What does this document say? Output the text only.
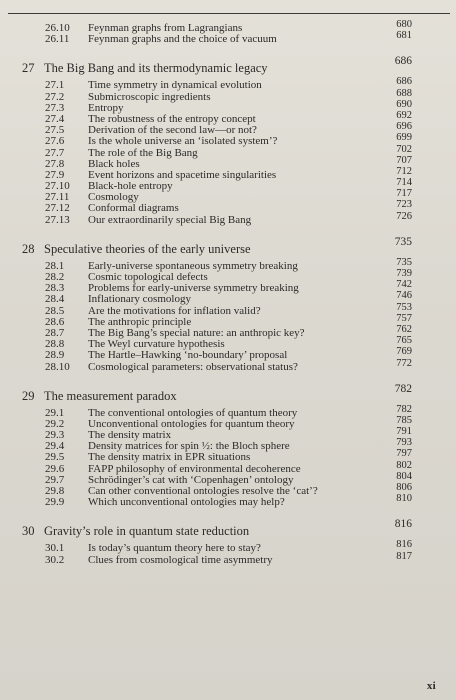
26.10 Feynman graphs from Lagrangians	680
26.11 Feynman graphs and the choice of vacuum	681
27 The Big Bang and its thermodynamic legacy	686
27.1 Time symmetry in dynamical evolution	686
27.2 Submicroscopic ingredients	688
27.3 Entropy	690
27.4 The robustness of the entropy concept	692
27.5 Derivation of the second law—or not?	696
27.6 Is the whole universe an ‘isolated system’?	699
27.7 The role of the Big Bang	702
27.8 Black holes	707
27.9 Event horizons and spacetime singularities	712
27.10 Black-hole entropy	714
27.11 Cosmology	717
27.12 Conformal diagrams	723
27.13 Our extraordinarily special Big Bang	726
28 Speculative theories of the early universe	735
28.1 Early-universe spontaneous symmetry breaking	735
28.2 Cosmic topological defects	739
28.3 Problems for early-universe symmetry breaking	742
28.4 Inflationary cosmology	746
28.5 Are the motivations for inflation valid?	753
28.6 The anthropic principle	757
28.7 The Big Bang’s special nature: an anthropic key?	762
28.8 The Weyl curvature hypothesis	765
28.9 The Hartle–Hawking ‘no-boundary’ proposal	769
28.10 Cosmological parameters: observational status?	772
29 The measurement paradox	782
29.1 The conventional ontologies of quantum theory	782
29.2 Unconventional ontologies for quantum theory	785
29.3 The density matrix	791
29.4 Density matrices for spin ½: the Bloch sphere	793
29.5 The density matrix in EPR situations	797
29.6 FAPP philosophy of environmental decoherence	802
29.7 Schrödinger’s cat with ‘Copenhagen’ ontology	804
29.8 Can other conventional ontologies resolve the ‘cat’?	806
29.9 Which unconventional ontologies may help?	810
30 Gravity’s role in quantum state reduction	816
30.1 Is today’s quantum theory here to stay?	816
30.2 Clues from cosmological time asymmetry	817
xi
